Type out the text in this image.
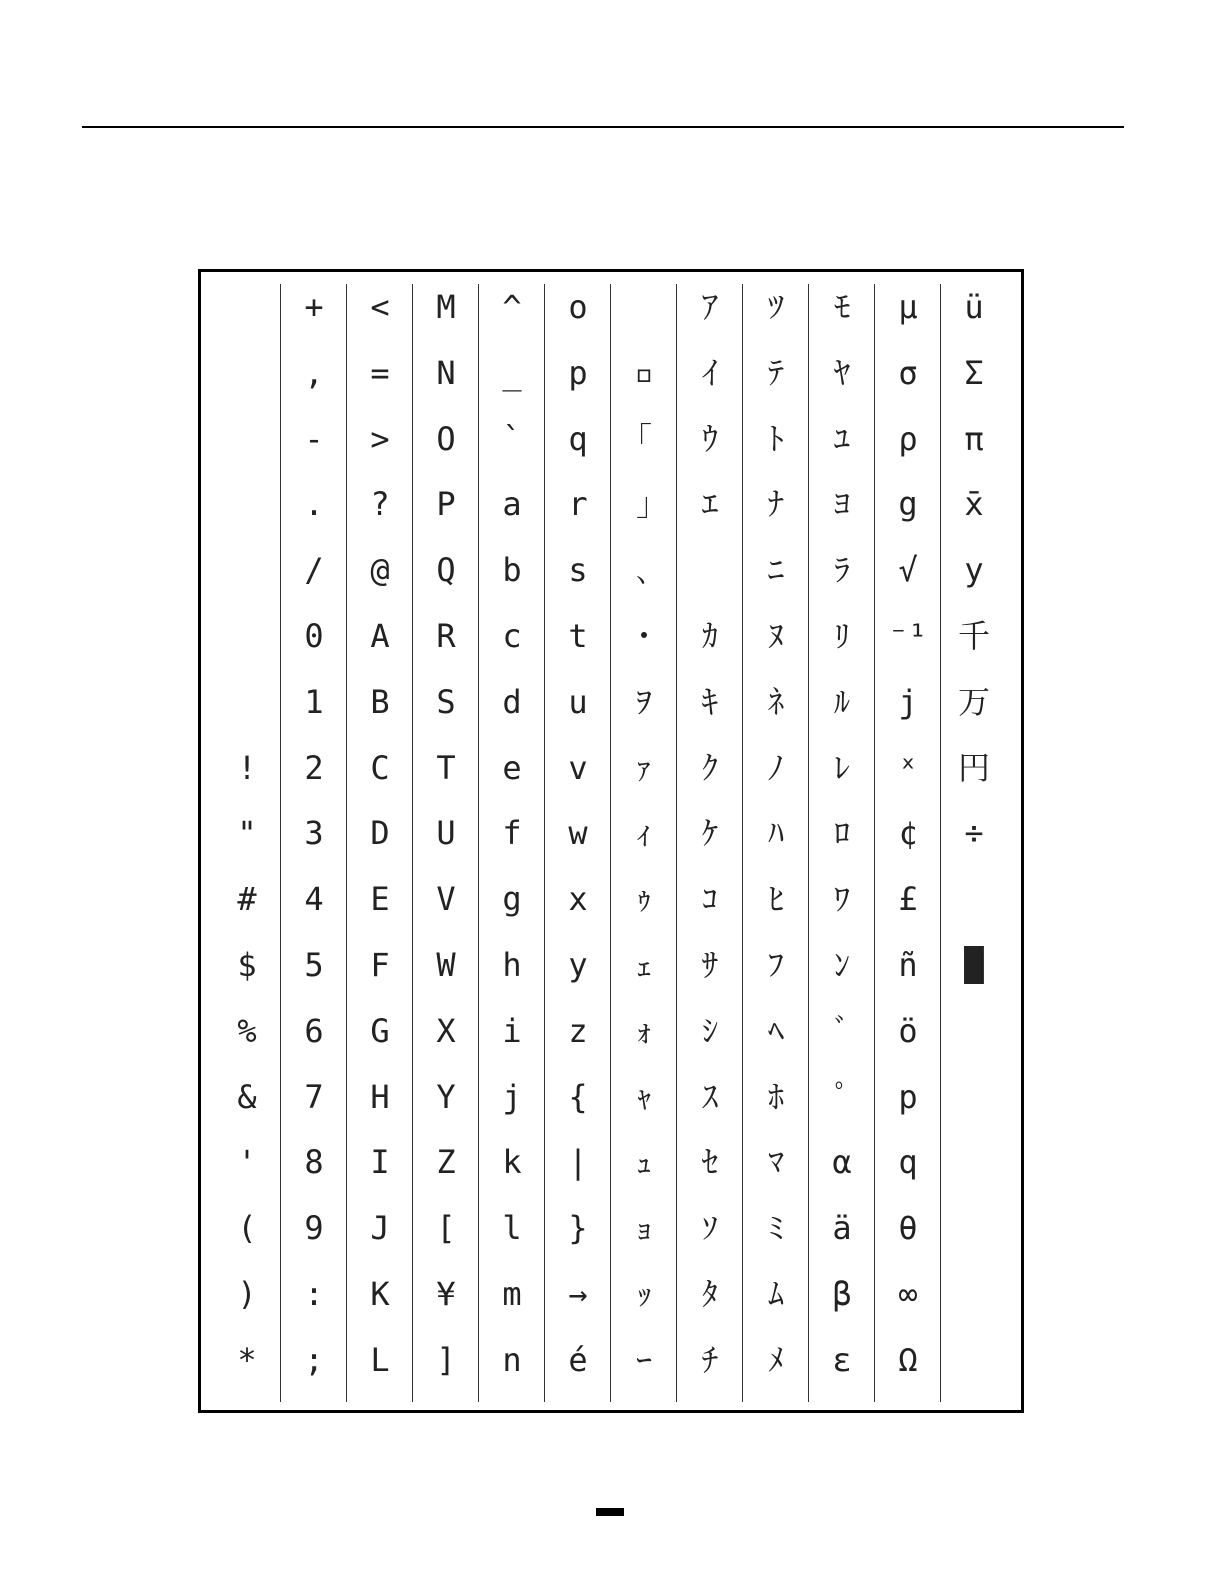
!
"
#
$
%
&
'
(
)
*
+
,
-
.
/
0
1
2
3
4
5
6
7
8
9
:
;
<
=
>
?
@
A
B
C
D
E
F
G
H
I
J
K
L
M
N
O
P
Q
R
S
T
U
V
W
X
Y
Z
[
¥
]
^
_
`
a
b
c
d
e
f
g
h
i
j
k
l
m
n
o
p
q
r
s
t
u
v
w
x
y
z
{
|
}
→
é
▫
｢
｣
､
･
ｦ
ｧ
ｨ
ｩ
ｪ
ｫ
ｬ
ｭ
ｮ
ｯ
ｰ
ｱ
ｲ
ｳ
ｴ
ｶ
ｷ
ｸ
ｹ
ｺ
ｻ
ｼ
ｽ
ｾ
ｿ
ﾀ
ﾁ
ﾂ
ﾃ
ﾄ
ﾅ
ﾆ
ﾇ
ﾈ
ﾉ
ﾊ
ﾋ
ﾌ
ﾍ
ﾎ
ﾏ
ﾐ
ﾑ
ﾒ
ﾓ
ﾔ
ﾕ
ﾖ
ﾗ
ﾘ
ﾙ
ﾚ
ﾛ
ﾜ
ﾝ
ﾞ
ﾟ
α
ä
β
ε
μ
σ
ρ
g
√
⁻¹
j
ˣ
¢
£
ñ
ö
p
q
θ
∞
Ω
ü
Σ
π
x̄
y
千
万
円
÷
█
